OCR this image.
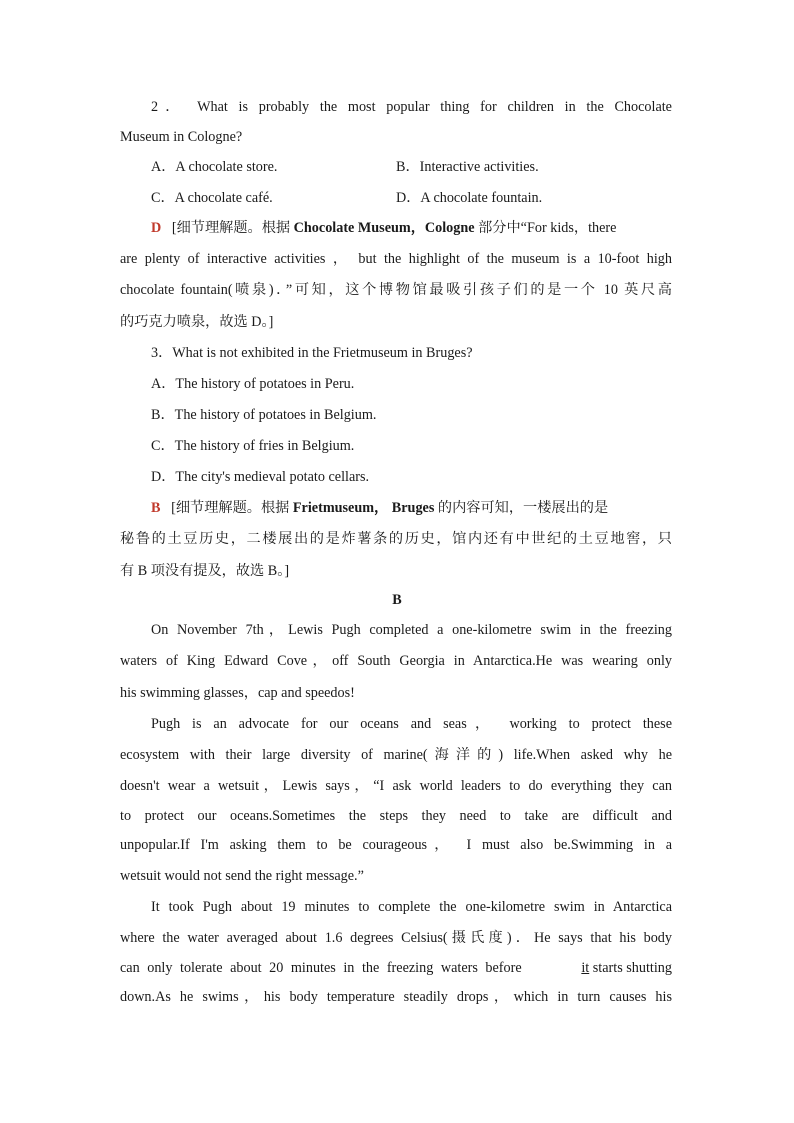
2． What is probably the most popular thing for children in the Chocolate
Museum in Cologne?
A．A chocolate store.	B．Interactive activities.
C．A chocolate café.	D．A chocolate fountain.
D [细节理解题。根据 Chocolate Museum，Cologne 部分中“For kids，there
are plenty of interactive activities ， but the highlight of the museum is a 10-foot high
chocolate fountain(喷泉)．”可知，这个博物馆最吸引孩子们的是一个 10 英尺高
的巧克力喷泉，故选 D。]
3．What is not exhibited in the Frietmuseum in Bruges?
A．The history of potatoes in Peru.
B．The history of potatoes in Belgium.
C．The history of fries in Belgium.
D．The city's medieval potato cellars.
B [细节理解题。根据 Frietmuseum， Bruges 的内容可知，一楼展出的是
秘鲁的土豆历史，二楼展出的是炸薯条的历史，馆内还有中世纪的土豆地窖，只
有 B 项没有提及，故选 B。]
B
On November 7th，Lewis Pugh completed a one-kilometre swim in the freezing
waters of King Edward Cove，off South Georgia in Antarctica.He was wearing only
his swimming glasses，cap and speedos!
Pugh is an advocate for our oceans and seas， working to protect these
ecosystem with their large diversity of marine(海洋的) life.When asked why he
doesn't wear a wetsuit，Lewis says，“I ask world leaders to do everything they can
to protect our oceans.Sometimes the steps they need to take are difficult and
unpopular.If I'm asking them to be courageous， I must also be.Swimming in a
wetsuit would not send the right message.”
It took Pugh about 19 minutes to complete the one-kilometre swim in Antarctica
where the water averaged about 1.6 degrees Celsius(摄氏度)．He says that his body
can only tolerate about 20 minutes in the freezing waters before	it starts shutting
down.As he swims，his body temperature steadily drops，which in turn causes his
